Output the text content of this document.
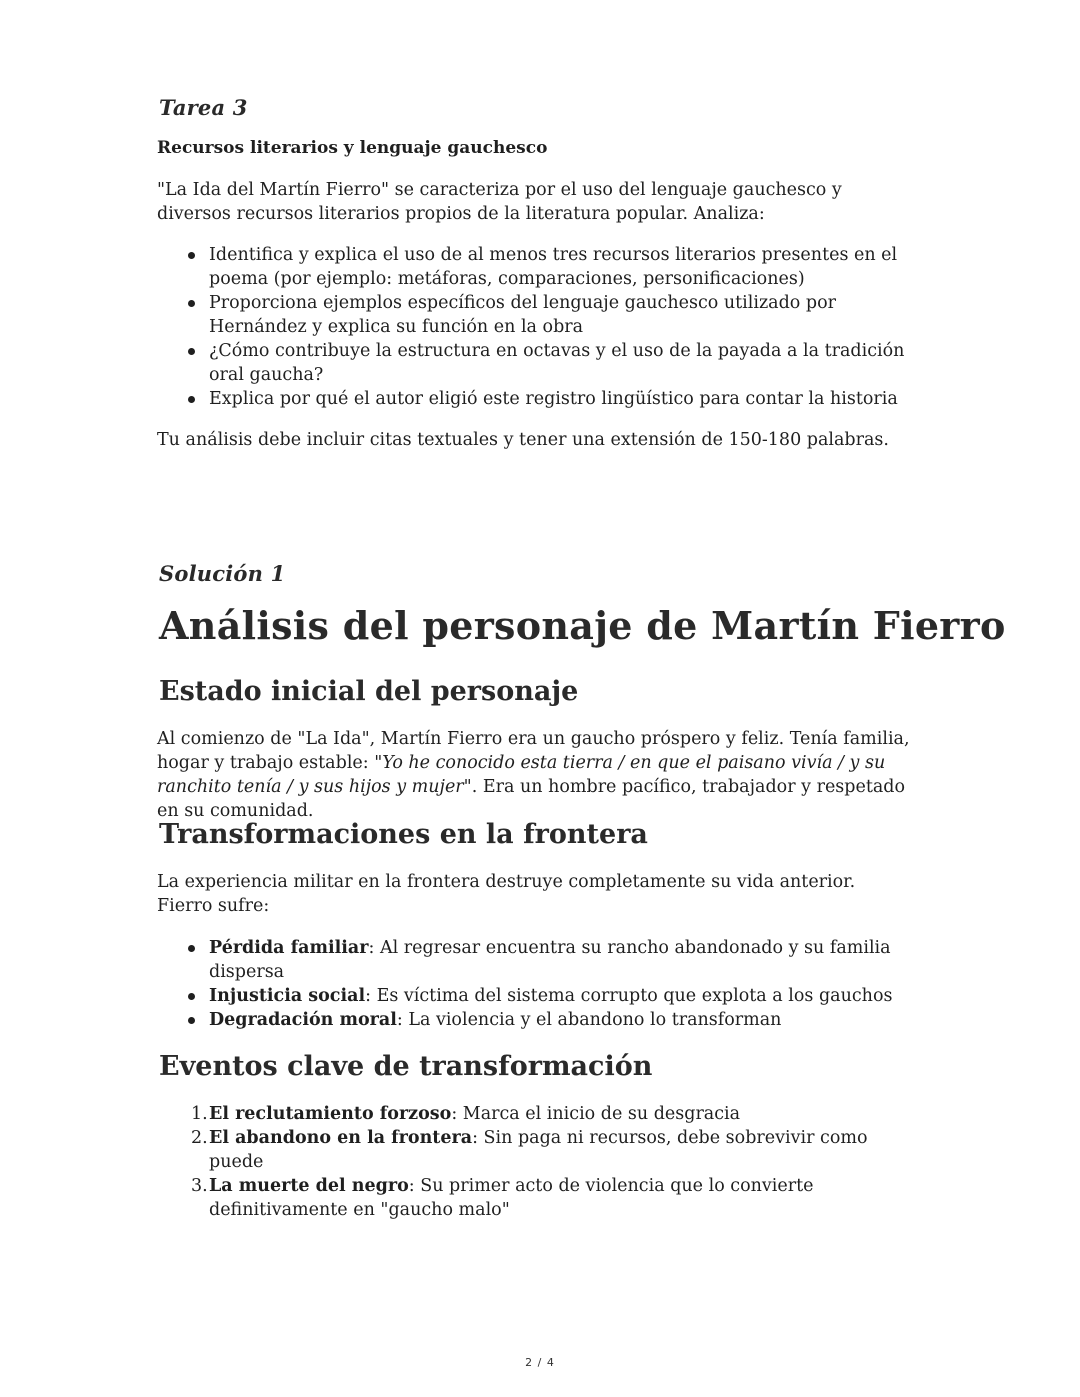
Tarea 3

Recursos literarios y lenguaje gauchesco

"La Ida del Martín Fierro" se caracteriza por el uso del lenguaje gauchesco y diversos recursos literarios propios de la literatura popular. Analiza:

Identifica y explica el uso de al menos tres recursos literarios presentes en el poema (por ejemplo: metáforas, comparaciones, personificaciones)
Proporciona ejemplos específicos del lenguaje gauchesco utilizado por Hernández y explica su función en la obra
¿Cómo contribuye la estructura en octavas y el uso de la payada a la tradición oral gaucha?
Explica por qué el autor eligió este registro lingüístico para contar la historia

Tu análisis debe incluir citas textuales y tener una extensión de 150-180 palabras.

Solución 1
Análisis del personaje de Martín Fierro
Estado inicial del personaje

Al comienzo de "La Ida", Martín Fierro era un gaucho próspero y feliz. Tenía familia, hogar y trabajo estable: "Yo he conocido esta tierra / en que el paisano vivía / y su ranchito tenía / y sus hijos y mujer". Era un hombre pacífico, trabajador y respetado en su comunidad.

Transformaciones en la frontera

La experiencia militar en la frontera destruye completamente su vida anterior. Fierro sufre:

Pérdida familiar: Al regresar encuentra su rancho abandonado y su familia dispersa
Injusticia social: Es víctima del sistema corrupto que explota a los gauchos
Degradación moral: La violencia y el abandono lo transforman
Eventos clave de transformación
1. El reclutamiento forzoso: Marca el inicio de su desgracia
2. El abandono en la frontera: Sin paga ni recursos, debe sobrevivir como puede
3. La muerte del negro: Su primer acto de violencia que lo convierte definitivamente en "gaucho malo"
2 / 4
